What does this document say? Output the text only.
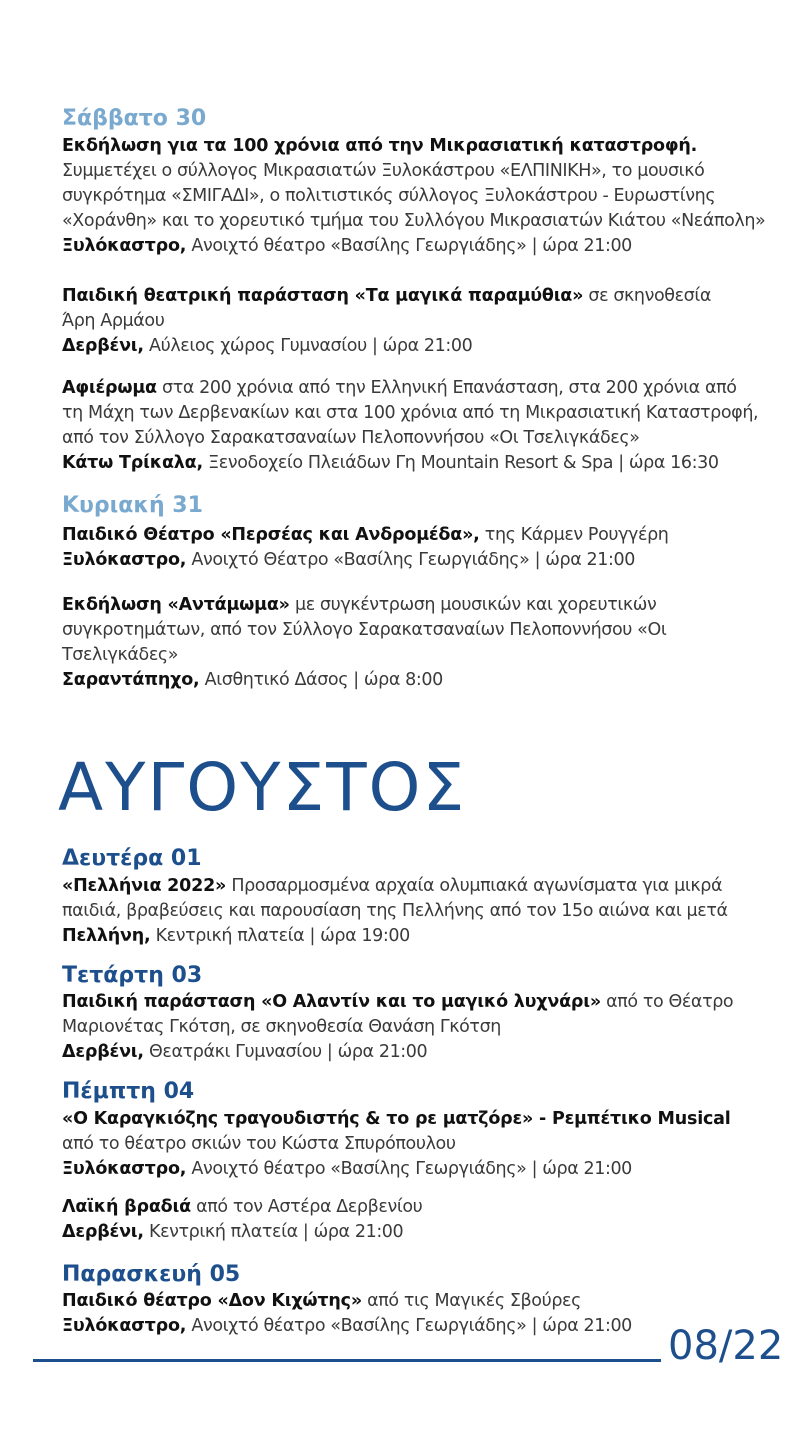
Σάββατο 30
Εκδήλωση για τα 100 χρόνια από την Μικρασιατική καταστροφή.
Συμμετέχει ο σύλλογος Μικρασιατών Ξυλοκάστρου «ΕΛΠΙΝΙΚΗ», το μουσικό
συγκρότημα «ΣΜΙΓΑΔΙ», ο πολιτιστικός σύλλογος Ξυλοκάστρου - Ευρωστίνης
«Χοράνθη» και το χορευτικό τμήμα του Συλλόγου Μικρασιατών Κιάτου «Νεάπολη»
Ξυλόκαστρο, Ανοιχτό θέατρο «Βασίλης Γεωργιάδης» | ώρα 21:00
Παιδική θεατρική παράσταση «Τα μαγικά παραμύθια» σε σκηνοθεσία
Άρη Αρμάου
Δερβένι, Αύλειος χώρος Γυμνασίου | ώρα 21:00
Αφιέρωμα στα 200 χρόνια από την Ελληνική Επανάσταση, στα 200 χρόνια από
τη Μάχη των Δερβενακίων και στα 100 χρόνια από τη Μικρασιατική Καταστροφή,
από τον Σύλλογο Σαρακατσαναίων Πελοποννήσου «Οι Τσελιγκάδες»
Κάτω Τρίκαλα, Ξενοδοχείο Πλειάδων Γη Mountain Resort & Spa | ώρα 16:30
Κυριακή 31
Παιδικό Θέατρο «Περσέας και Ανδρομέδα», της Κάρμεν Ρουγγέρη
Ξυλόκαστρο, Ανοιχτό Θέατρο «Βασίλης Γεωργιάδης» | ώρα 21:00
Εκδήλωση «Αντάμωμα» με συγκέντρωση μουσικών και χορευτικών
συγκροτημάτων, από τον Σύλλογο Σαρακατσαναίων Πελοποννήσου «Οι
Τσελιγκάδες»
Σαραντάπηχο, Αισθητικό Δάσος | ώρα 8:00
ΑΥΓΟΥΣΤΟΣ
Δευτέρα 01
«Πελλήνια 2022» Προσαρμοσμένα αρχαία ολυμπιακά αγωνίσματα για μικρά
παιδιά, βραβεύσεις και παρουσίαση της Πελλήνης από τον 15ο αιώνα και μετά
Πελλήνη, Κεντρική πλατεία | ώρα 19:00
Τετάρτη 03
Παιδική παράσταση «Ο Αλαντίν και το μαγικό λυχνάρι» από το Θέατρο
Μαριονέτας Γκότση, σε σκηνοθεσία Θανάση Γκότση
Δερβένι, Θεατράκι Γυμνασίου | ώρα 21:00
Πέμπτη 04
«Ο Καραγκιόζης τραγουδιστής & το ρε ματζόρε» - Ρεμπέτικο Musical
από το θέατρο σκιών του Κώστα Σπυρόπουλου
Ξυλόκαστρο, Ανοιχτό θέατρο «Βασίλης Γεωργιάδης» | ώρα 21:00
Λαϊκή βραδιά από τον Αστέρα Δερβενίου
Δερβένι, Κεντρική πλατεία | ώρα 21:00
Παρασκευή 05
Παιδικό θέατρο «Δον Κιχώτης» από τις Μαγικές Σβούρες
Ξυλόκαστρο, Ανοιχτό θέατρο «Βασίλης Γεωργιάδης» | ώρα 21:00 08/22
